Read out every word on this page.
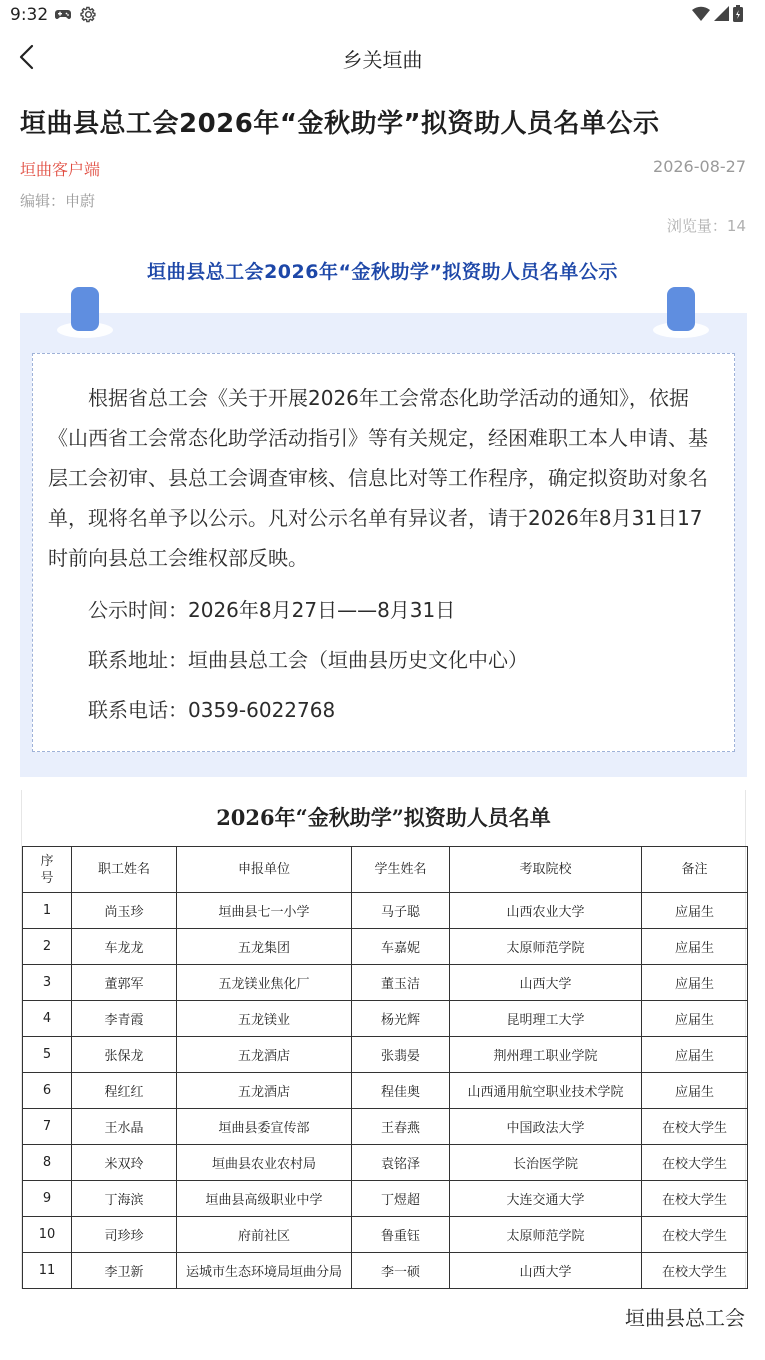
9:32
乡关垣曲
垣曲县总工会2026年“金秋助学”拟资助人员名单公示
垣曲客户端	2026-08-27
编辑：申蔚
浏览量：14
垣曲县总工会2026年“金秋助学”拟资助人员名单公示

根据省总工会《关于开展2026年工会常态化助学活动的通知》，依据《山西省工会常态化助学活动指引》等有关规定，经困难职工本人申请、基层工会初审、县总工会调查审核、信息比对等工作程序，确定拟资助对象名单，现将名单予以公示。凡对公示名单有异议者，请于2026年8月31日17时前向县总工会维权部反映。

公示时间：2026年8月27日——8月31日
联系地址：垣曲县总工会（垣曲县历史文化中心）
联系电话：0359-6022768
2026年“金秋助学”拟资助人员名单
序
号	职工姓名	申报单位	学生姓名	考取院校	备注
1	尚玉珍	垣曲县七一小学	马子聪	山西农业大学	应届生
2	车龙龙	五龙集团	车嘉妮	太原师范学院	应届生
3	董郭军	五龙镁业焦化厂	董玉洁	山西大学	应届生
4	李青霞	五龙镁业	杨光辉	昆明理工大学	应届生
5	张保龙	五龙酒店	张翡晏	荆州理工职业学院	应届生
6	程红红	五龙酒店	程佳奥	山西通用航空职业技术学院	应届生
7	王水晶	垣曲县委宣传部	王春燕	中国政法大学	在校大学生
8	米双玲	垣曲县农业农村局	袁铭泽	长治医学院	在校大学生
9	丁海滨	垣曲县高级职业中学	丁煜超	大连交通大学	在校大学生
10	司珍珍	府前社区	鲁重钰	太原师范学院	在校大学生
11	李卫新	运城市生态环境局垣曲分局	李一硕	山西大学	在校大学生
垣曲县总工会
